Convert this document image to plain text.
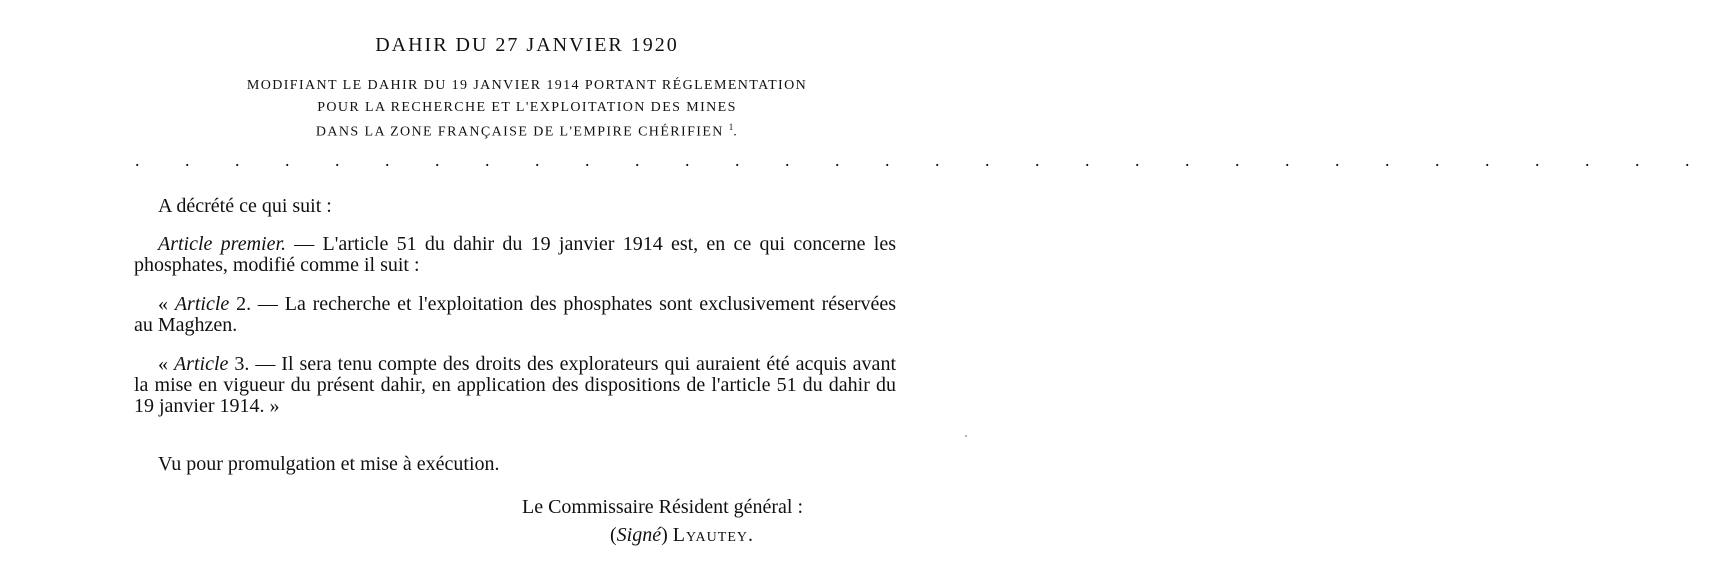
DAHIR DU 27 JANVIER 1920
MODIFIANT LE DAHIR DU 19 JANVIER 1914 PORTANT RÉGLEMENTATION
POUR LA RECHERCHE ET L'EXPLOITATION DES MINES
DANS LA ZONE FRANÇAISE DE L'EMPIRE CHÉRIFIEN $^1$.
. . . . . . . . . . . . . . . . . . . . . . . . . . . . . . . .
A décrété ce qui suit :
Article premier. — L'article 51 du dahir du 19 janvier 1914 est, en ce qui concerne les phosphates, modifié comme il suit :
« Article 2. — La recherche et l'exploitation des phosphates sont exclusivement réservées au Maghzen.
« Article 3. — Il sera tenu compte des droits des explorateurs qui auraient été acquis avant la mise en vigueur du présent dahir, en application des dispositions de l'article 51 du dahir du 19 janvier 1914. »
Vu pour promulgation et mise à exécution.
Le Commissaire Résident général :
(Signé) Lyautey.
